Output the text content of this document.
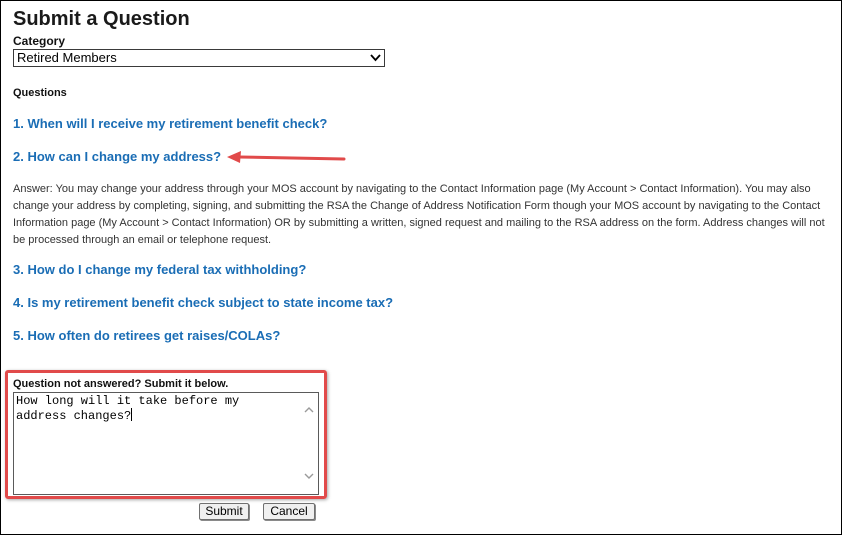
Submit a Question
Category
Retired Members
Questions
1. When will I receive my retirement benefit check?
2. How can I change my address?
Answer: You may change your address through your MOS account by navigating to the Contact Information page (My Account > Contact Information). You may also change your address by completing, signing, and submitting the RSA the Change of Address Notification Form though your MOS account by navigating to the Contact Information page (My Account > Contact Information) OR by submitting a written, signed request and mailing to the RSA address on the form. Address changes will not be processed through an email or telephone request.
3. How do I change my federal tax withholding?
4. Is my retirement benefit check subject to state income tax?
5. How often do retirees get raises/COLAs?
Question not answered? Submit it below.
How long will it take before my address changes?
Submit	Cancel
